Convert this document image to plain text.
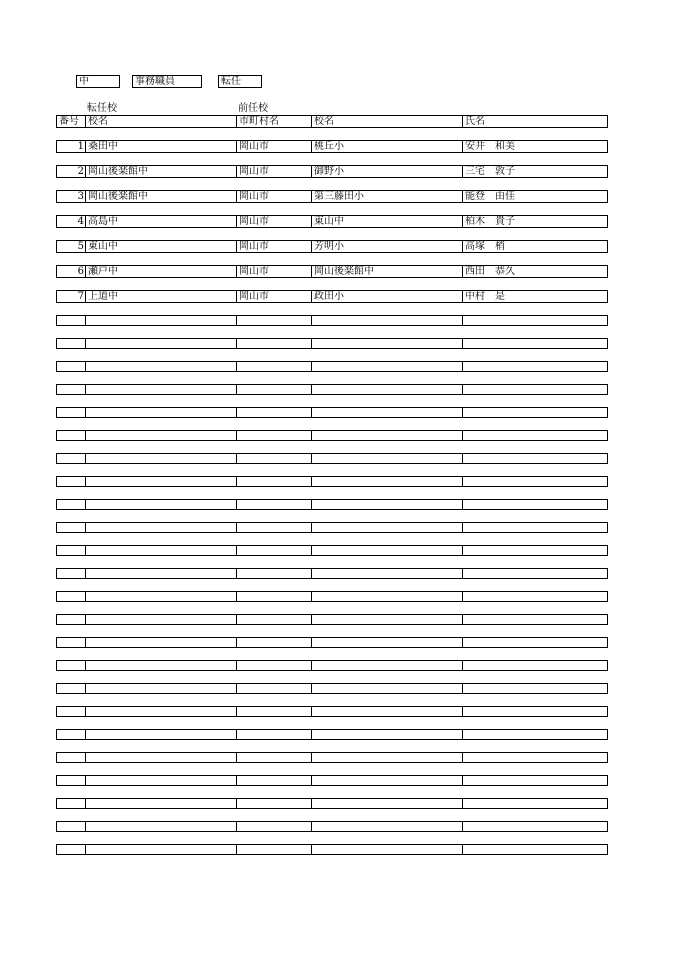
中	事務職員	転任
転任校	前任校
番号	校名	市町村名	校名	氏名

1	桑田中	岡山市	桃丘小	安井　和美

2	岡山後楽館中	岡山市	御野小	三宅　敦子

3	岡山後楽館中	岡山市	第三藤田小	能登　由佳

4	高島中	岡山市	東山中	柏木　貴子

5	東山中	岡山市	芳明小	高塚　梢

6	瀬戸中	岡山市	岡山後楽館中	西田　恭久

7	上道中	岡山市	政田小	中村　是
